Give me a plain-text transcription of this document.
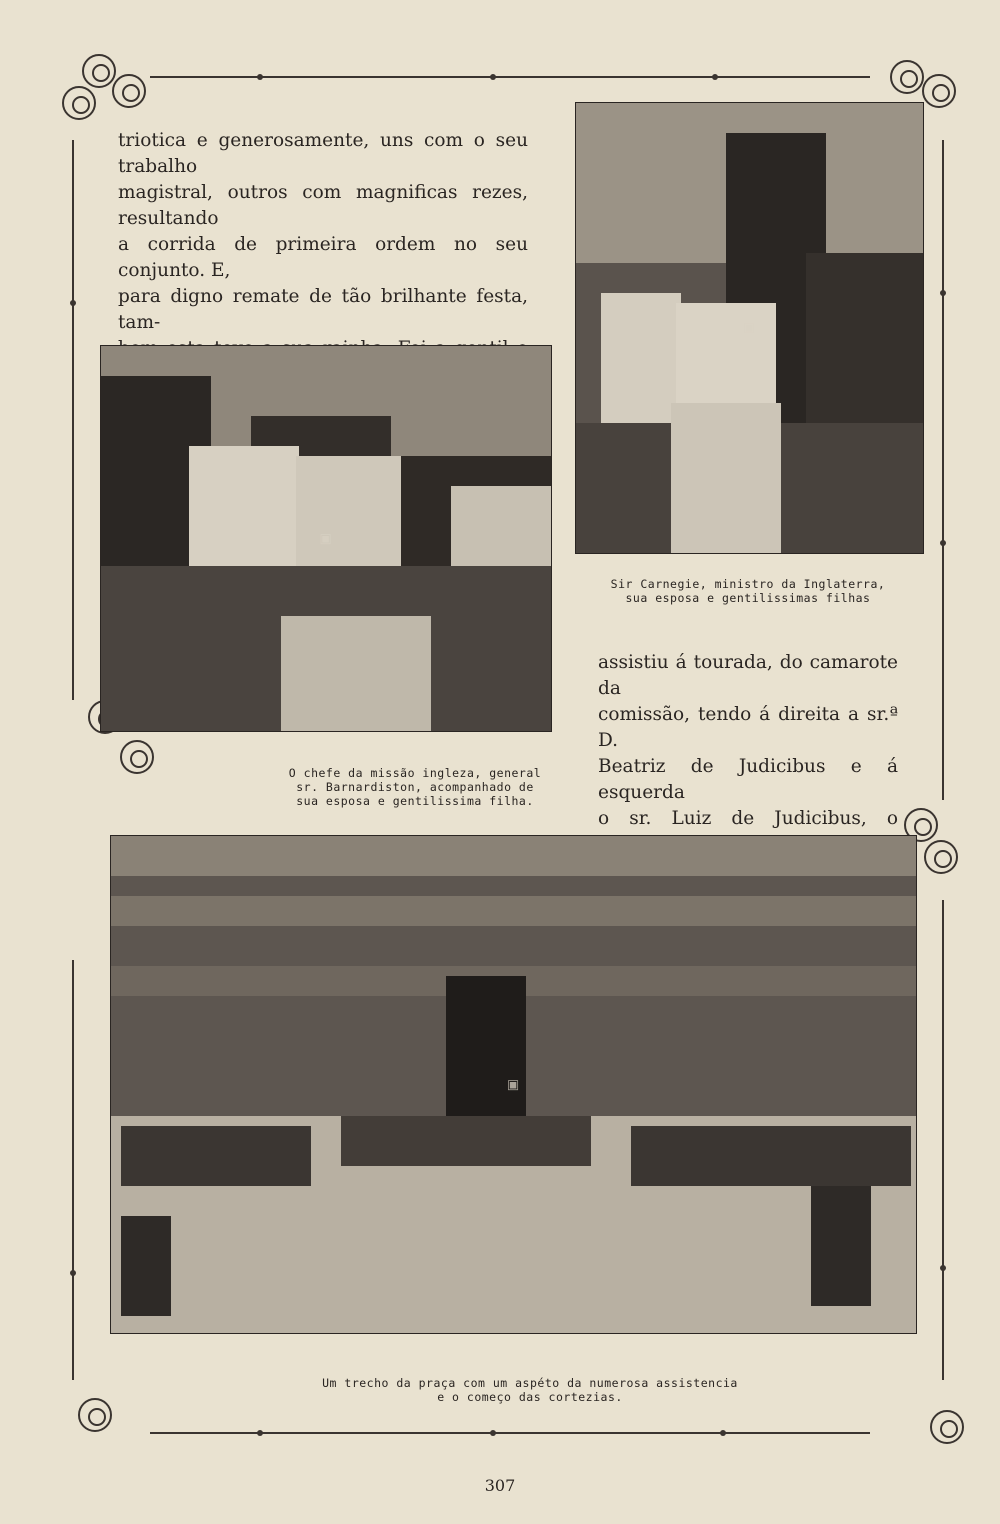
triotica e generosamente, uns com o seu trabalho

magistral, outros com magnificas rezes, resultando

a corrida de primeira ordem no seu conjunto. E,

para digno remate de tão brilhante festa, tam-

▣
▣
Sir Carnegie, ministro da Inglaterra,
sua esposa e gentilissimas filhas

assistiu á tourada, do camarote da

comissão, tendo á direita a sr.ª D.

Beatriz de Judicibus e á esquerda

o sr. Luiz de Judicibus, o

O chefe da missão ingleza, general
sr. Barnardiston, acompanhado de
sua esposa e gentilissima filha.
▣
Um trecho da praça com um aspéto da numerosa assistencia
e o começo das cortezias.
307
